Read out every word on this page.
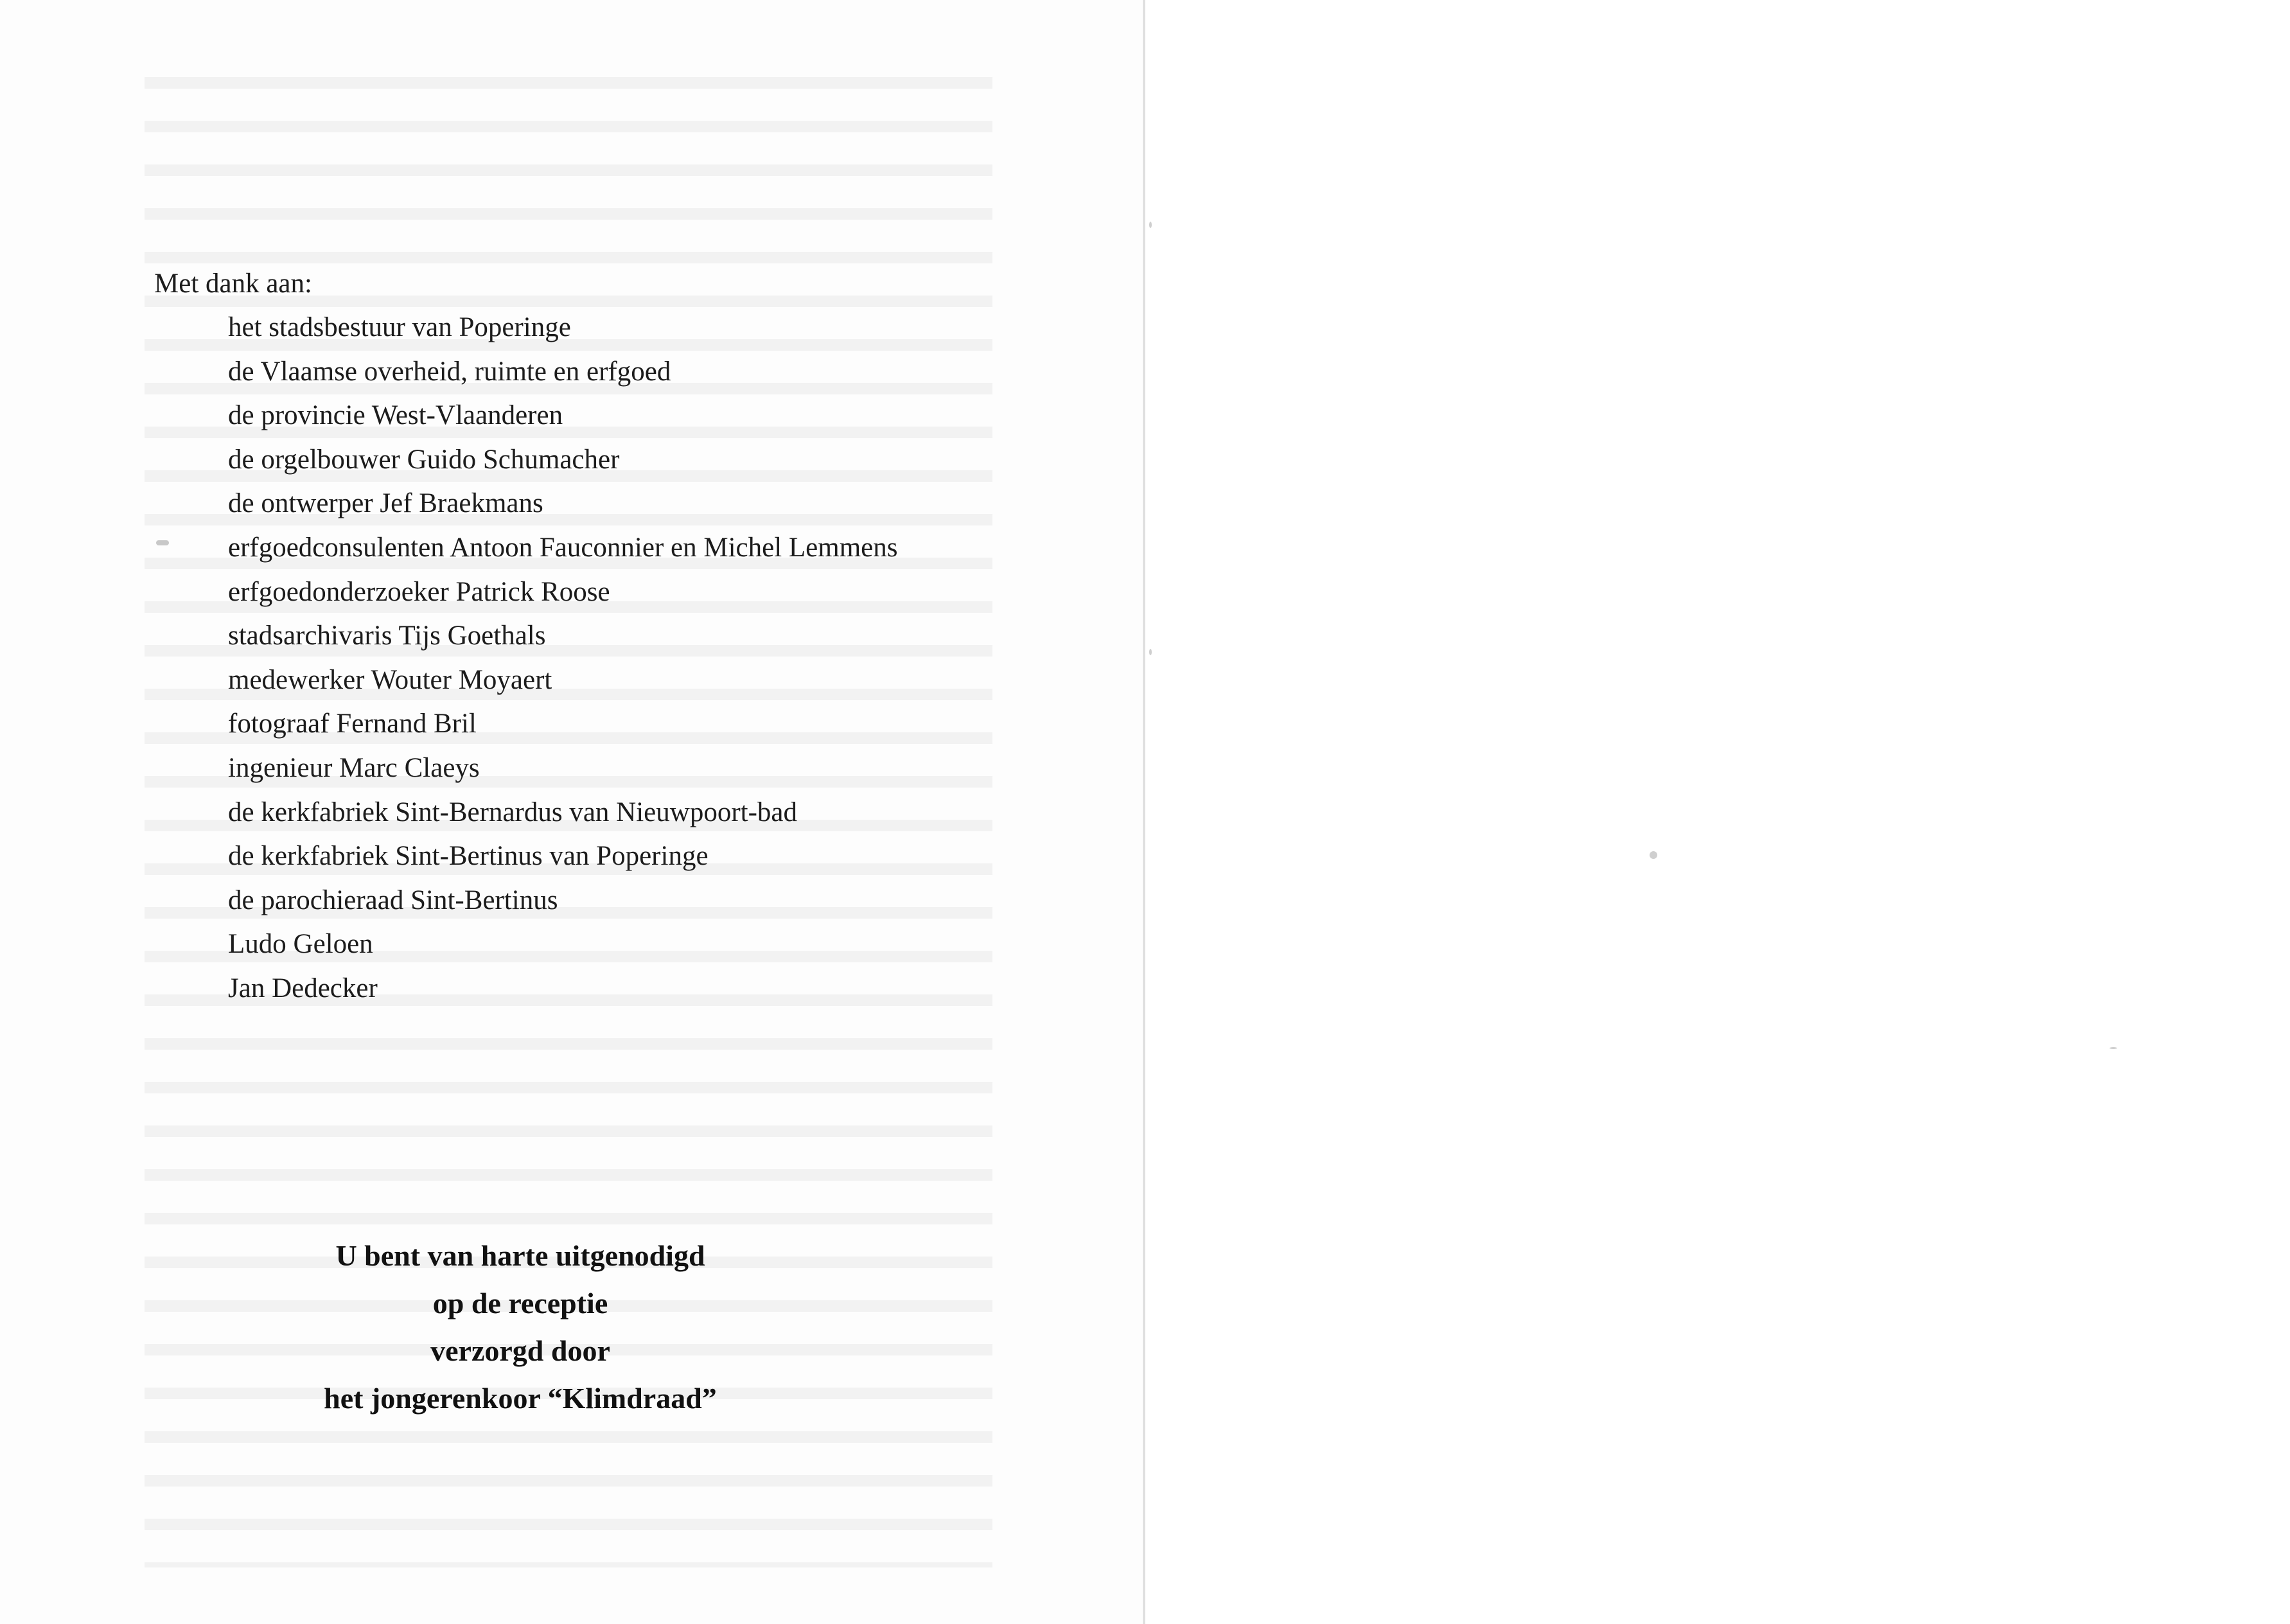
Met dank aan:
het stadsbestuur van Poperinge
de Vlaamse overheid, ruimte en erfgoed
de provincie West-Vlaanderen
de orgelbouwer Guido Schumacher
de ontwerper Jef Braekmans
erfgoedconsulenten Antoon Fauconnier en Michel Lemmens
erfgoedonderzoeker Patrick Roose
stadsarchivaris Tijs Goethals
medewerker Wouter Moyaert
fotograaf Fernand Bril
ingenieur Marc Claeys
de kerkfabriek Sint-Bernardus van Nieuwpoort-bad
de kerkfabriek Sint-Bertinus van Poperinge
de parochieraad Sint-Bertinus
Ludo Geloen
Jan Dedecker
U bent van harte uitgenodigd
op de receptie
verzorgd door
het jongerenkoor “Klimdraad”
